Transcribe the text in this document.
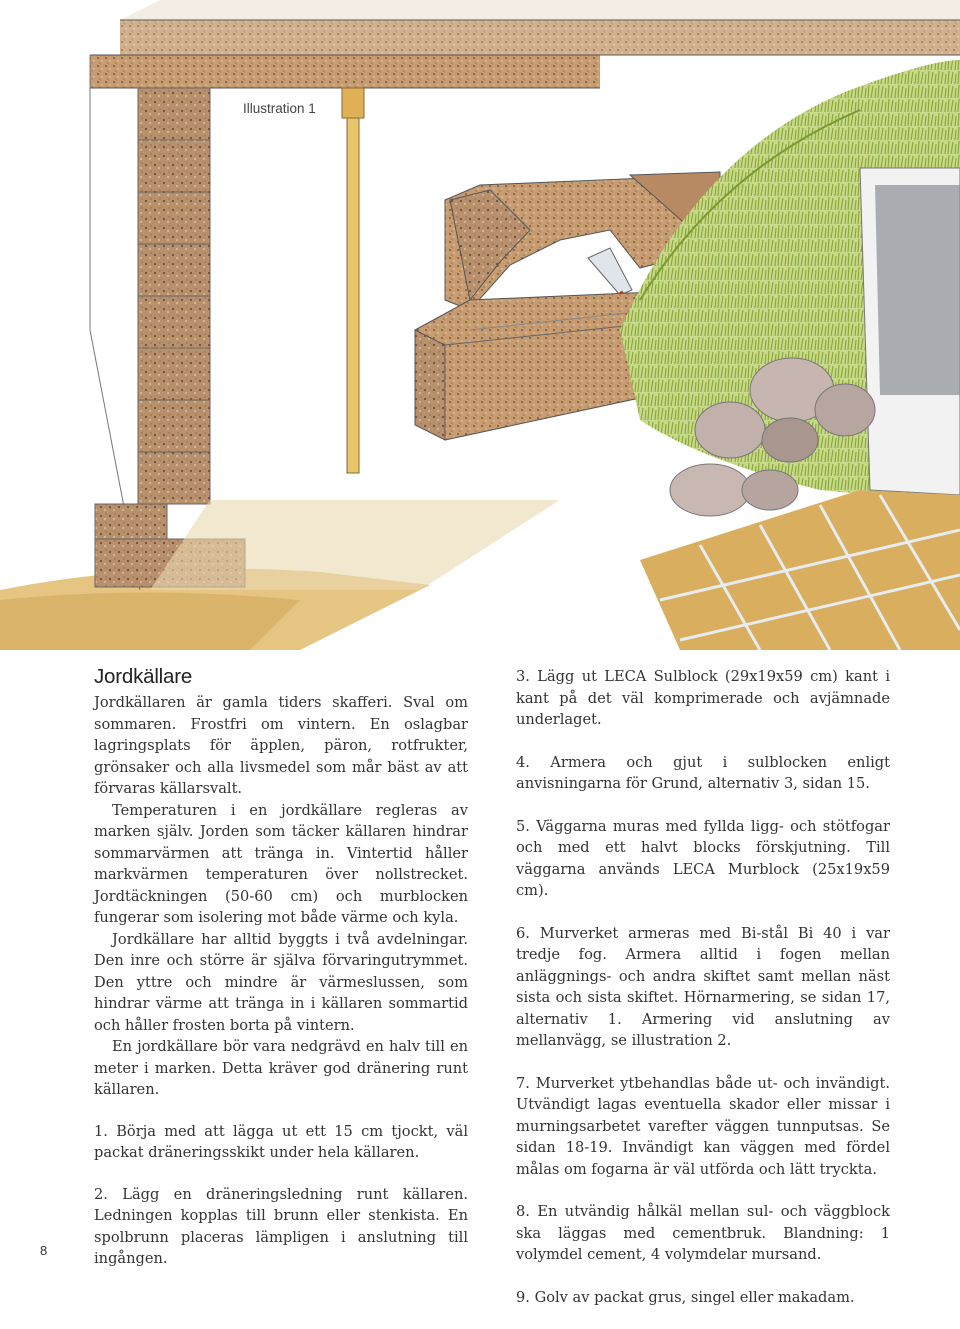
Illustration 1
Jordkällare

Jordkällaren är gamla tiders skafferi. Sval om sommaren. Frostfri om vintern. En oslagbar lagringsplats för äpplen, päron, rotfrukter, grönsaker och alla livsmedel som mår bäst av att förvaras källarsvalt.

Temperaturen i en jordkällare regleras av marken själv. Jorden som täcker källaren hindrar sommarvärmen att tränga in. Vintertid håller markvärmen temperaturen över nollstrecket. Jordtäckningen (50-60 cm) och murblocken fungerar som isolering mot både värme och kyla.

Jordkällare har alltid byggts i två avdelningar. Den inre och större är själva förvaringutrymmet. Den yttre och mindre är värmeslussen, som hindrar värme att tränga in i källaren sommartid och håller frosten borta på vintern.

En jordkällare bör vara nedgrävd en halv till en meter i marken. Detta kräver god dränering runt källaren.

1. Börja med att lägga ut ett 15 cm tjockt, väl packat dräneringsskikt under hela källaren.

2. Lägg en dräneringsledning runt källaren. Ledningen kopplas till brunn eller stenkista. En spolbrunn placeras lämpligen i anslutning till ingången.

3. Lägg ut LECA Sulblock (29x19x59 cm) kant i kant på det väl komprimerade och avjämnade underlaget.

4. Armera och gjut i sulblocken enligt anvisningarna för Grund, alternativ 3, sidan 15.

5. Väggarna muras med fyllda ligg- och stötfogar och med ett halvt blocks förskjutning. Till väggarna används LECA Murblock (25x19x59 cm).

6. Murverket armeras med Bi-stål Bi 40 i var tredje fog. Armera alltid i fogen mellan anläggnings- och andra skiftet samt mellan näst sista och sista skiftet. Hörnarmering, se sidan 17, alternativ 1. Armering vid anslutning av mellanvägg, se illustration 2.

7. Murverket ytbehandlas både ut- och invändigt. Utvändigt lagas eventuella skador eller missar i murningsarbetet varefter väggen tunnputsas. Se sidan 18-19. Invändigt kan väggen med fördel målas om fogarna är väl utförda och lätt tryckta.

8. En utvändig hålkäl mellan sul- och väggblock ska läggas med cementbruk. Blandning: 1 volymdel cement, 4 volymdelar mursand.

9. Golv av packat grus, singel eller makadam.

8
